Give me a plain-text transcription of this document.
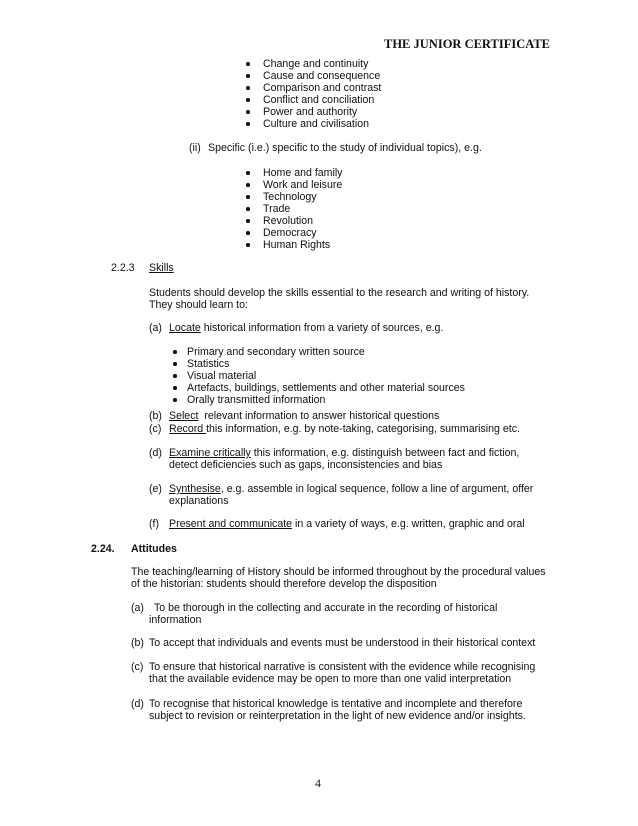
THE JUNIOR CERTIFICATE
Change and continuity
Cause and consequence
Comparison and contrast
Conflict and conciliation
Power and authority
Culture and civilisation
(ii) Specific (i.e.) specific to the study of individual topics), e.g.
Home and family
Work and leisure
Technology
Trade
Revolution
Democracy
Human Rights
2.2.3 Skills
Students should develop the skills essential to the research and writing of history.
They should learn to:
(a) Locate historical information from a variety of sources, e.g.
Primary and secondary written source
Statistics
Visual material
Artefacts, buildings, settlements and other material sources
Orally transmitted information
(b) Select  relevant information to answer historical questions
(c) Record this information, e.g. by note-taking, categorising, summarising etc.
(d) Examine critically this information, e.g. distinguish between fact and fiction,
detect deficiencies such as gaps, inconsistencies and bias
(e) Synthesise, e.g. assemble in logical sequence, follow a line of argument, offer
explanations
(f) Present and communicate in a variety of ways, e.g. written, graphic and oral
2.24. Attitudes
The teaching/learning of History should be informed throughout by the procedural values
of the historian: students should therefore develop the disposition
(a) To be thorough in the collecting and accurate in the recording of historical
information
(b) To accept that individuals and events must be understood in their historical context
(c) To ensure that historical narrative is consistent with the evidence while recognising
that the available evidence may be open to more than one valid interpretation
(d) To recognise that historical knowledge is tentative and incomplete and therefore
subject to revision or reinterpretation in the light of new evidence and/or insights.
4
